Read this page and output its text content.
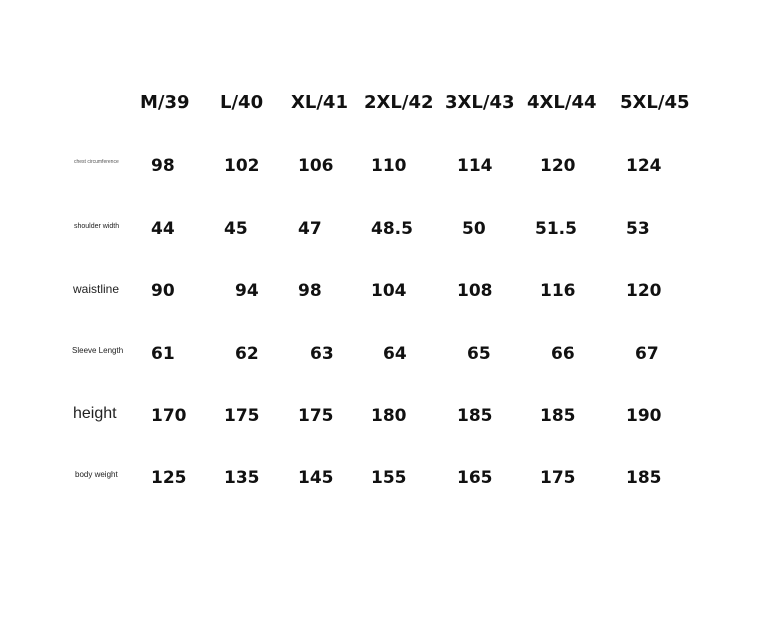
M/39 L/40 XL/41 2XL/42 3XL/43 4XL/44 5XL/45
chest circumference 98	102 106 110	114	120	124
shoulder width 44	45	47	48.5	50	51.5	53
waistline 90	94 98	104	108	116	120
Sleeve Length 61	62	63	64	65	66	67
height 170 175 175 180	185	185	190
body weight 125 135 145 155	165	175	185
